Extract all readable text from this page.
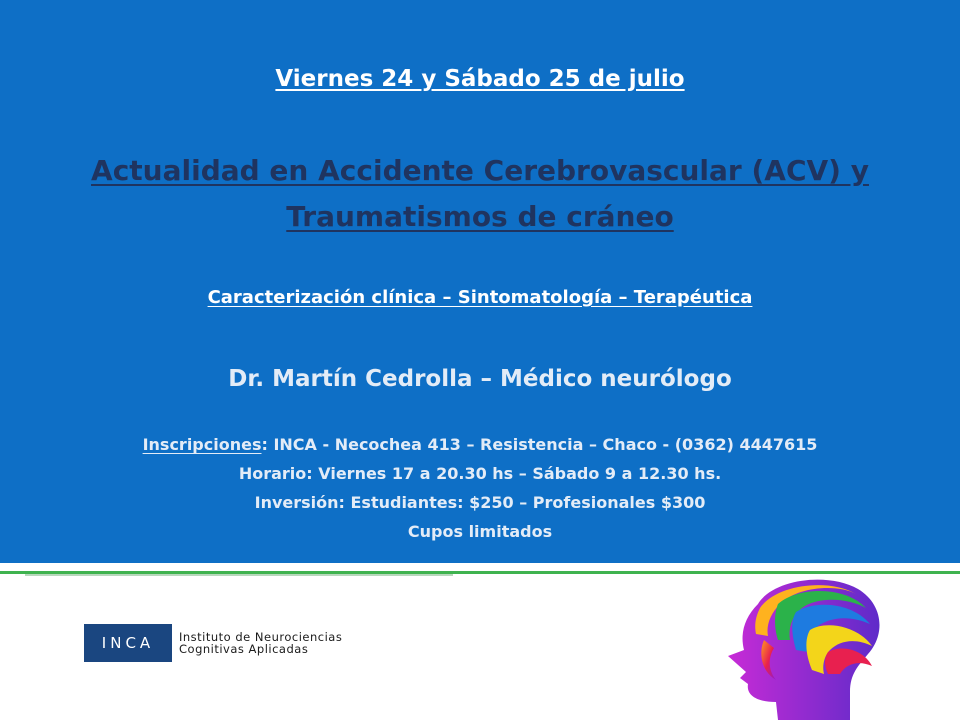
Viernes 24 y Sábado 25 de julio
Actualidad en Accidente Cerebrovascular (ACV) y Traumatismos de cráneo
Caracterización clínica – Sintomatología – Terapéutica
Dr. Martín Cedrolla – Médico neurólogo
Inscripciones: INCA - Necochea 413 – Resistencia – Chaco - (0362) 4447615
Horario: Viernes 17 a 20.30 hs – Sábado 9 a 12.30 hs.
Inversión: Estudiantes: $250 – Profesionales $300
Cupos limitados
INCA	Instituto de Neurociencias
Cognitivas Aplicadas
